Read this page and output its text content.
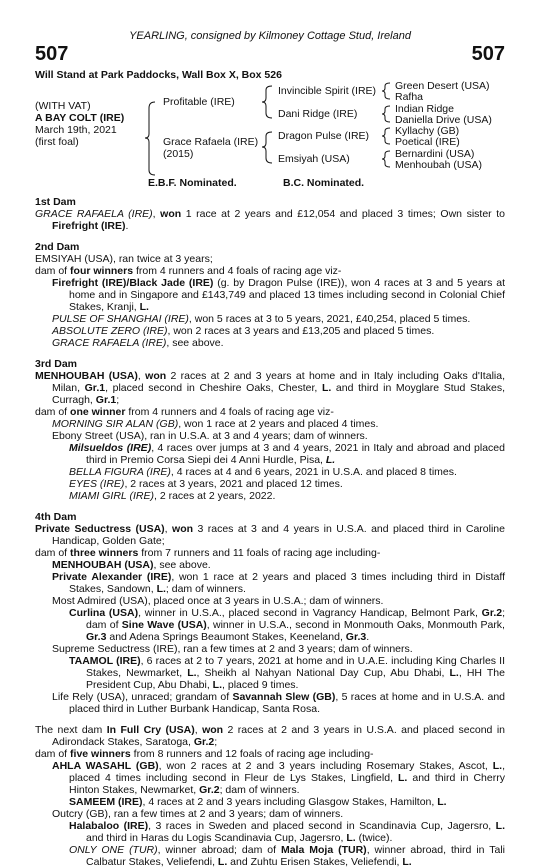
YEARLING, consigned by Kilmoney Cottage Stud, Ireland
507	507
Will Stand at Park Paddocks, Wall Box X, Box 526
(WITH VAT)
A BAY COLT (IRE)
March 19th, 2021
(first foal)
Profitable (IRE)
Grace Rafaela (IRE)
(2015)
Invincible Spirit (IRE)
Dani Ridge (IRE)
Dragon Pulse (IRE)
Emsiyah (USA)
Green Desert (USA)
Rafha
Indian Ridge
Daniella Drive (USA)
Kyllachy (GB)
Poetical (IRE)
Bernardini (USA)
Menhoubah (USA)
E.B.F. Nominated.	B.C. Nominated.
1st Dam

GRACE RAFAELA (IRE), won 1 race at 2 years and £12,054 and placed 3 times; Own sister to Firefright (IRE).

2nd Dam

EMSIYAH (USA), ran twice at 3 years;

dam of four winners from 4 runners and 4 foals of racing age viz-

Firefright (IRE)/Black Jade (IRE) (g. by Dragon Pulse (IRE)), won 4 races at 3 and 5 years at home and in Singapore and £143,749 and placed 13 times including second in Colonial Chief Stakes, Kranji, L.

PULSE OF SHANGHAI (IRE), won 5 races at 3 to 5 years, 2021, £40,254, placed 5 times.

ABSOLUTE ZERO (IRE), won 2 races at 3 years and £13,205 and placed 5 times.

GRACE RAFAELA (IRE), see above.

3rd Dam

MENHOUBAH (USA), won 2 races at 2 and 3 years at home and in Italy including Oaks d'Italia, Milan, Gr.1, placed second in Cheshire Oaks, Chester, L. and third in Moyglare Stud Stakes, Curragh, Gr.1;

dam of one winner from 4 runners and 4 foals of racing age viz-

MORNING SIR ALAN (GB), won 1 race at 2 years and placed 4 times.

Ebony Street (USA), ran in U.S.A. at 3 and 4 years; dam of winners.

Milsueldos (IRE), 4 races over jumps at 3 and 4 years, 2021 in Italy and abroad and placed third in Premio Corsa Siepi dei 4 Anni Hurdle, Pisa, L.

BELLA FIGURA (IRE), 4 races at 4 and 6 years, 2021 in U.S.A. and placed 8 times.

EYES (IRE), 2 races at 3 years, 2021 and placed 12 times.

MIAMI GIRL (IRE), 2 races at 2 years, 2022.

4th Dam

Private Seductress (USA), won 3 races at 3 and 4 years in U.S.A. and placed third in Caroline Handicap, Golden Gate;

dam of three winners from 7 runners and 11 foals of racing age including-

MENHOUBAH (USA), see above.

Private Alexander (IRE), won 1 race at 2 years and placed 3 times including third in Distaff Stakes, Sandown, L.; dam of winners.

Most Admired (USA), placed once at 3 years in U.S.A.; dam of winners.

Curlina (USA), winner in U.S.A., placed second in Vagrancy Handicap, Belmont Park, Gr.2; dam of Sine Wave (USA), winner in U.S.A., second in Monmouth Oaks, Monmouth Park, Gr.3 and Adena Springs Beaumont Stakes, Keeneland, Gr.3.

Supreme Seductress (IRE), ran a few times at 2 and 3 years; dam of winners.

TAAMOL (IRE), 6 races at 2 to 7 years, 2021 at home and in U.A.E. including King Charles II Stakes, Newmarket, L., Sheikh al Nahyan National Day Cup, Abu Dhabi, L., HH The President Cup, Abu Dhabi, L., placed 9 times.

Life Rely (USA), unraced; grandam of Savannah Slew (GB), 5 races at home and in U.S.A. and placed third in Luther Burbank Handicap, Santa Rosa.

The next dam In Full Cry (USA), won 2 races at 2 and 3 years in U.S.A. and placed second in Adirondack Stakes, Saratoga, Gr.2;

dam of five winners from 8 runners and 12 foals of racing age including-

AHLA WASAHL (GB), won 2 races at 2 and 3 years including Rosemary Stakes, Ascot, L., placed 4 times including second in Fleur de Lys Stakes, Lingfield, L. and third in Cherry Hinton Stakes, Newmarket, Gr.2; dam of winners.

SAMEEM (IRE), 4 races at 2 and 3 years including Glasgow Stakes, Hamilton, L.

Outcry (GB), ran a few times at 2 and 3 years; dam of winners.

Halabaloo (IRE), 3 races in Sweden and placed second in Scandinavia Cup, Jagersro, L. and third in Haras du Logis Scandinavia Cup, Jagersro, L. (twice).

ONLY ONE (TUR), winner abroad; dam of Mala Moja (TUR), winner abroad, third in Tali Calbatur Stakes, Veliefendi, L. and Zuhtu Erisen Stakes, Veliefendi, L.
